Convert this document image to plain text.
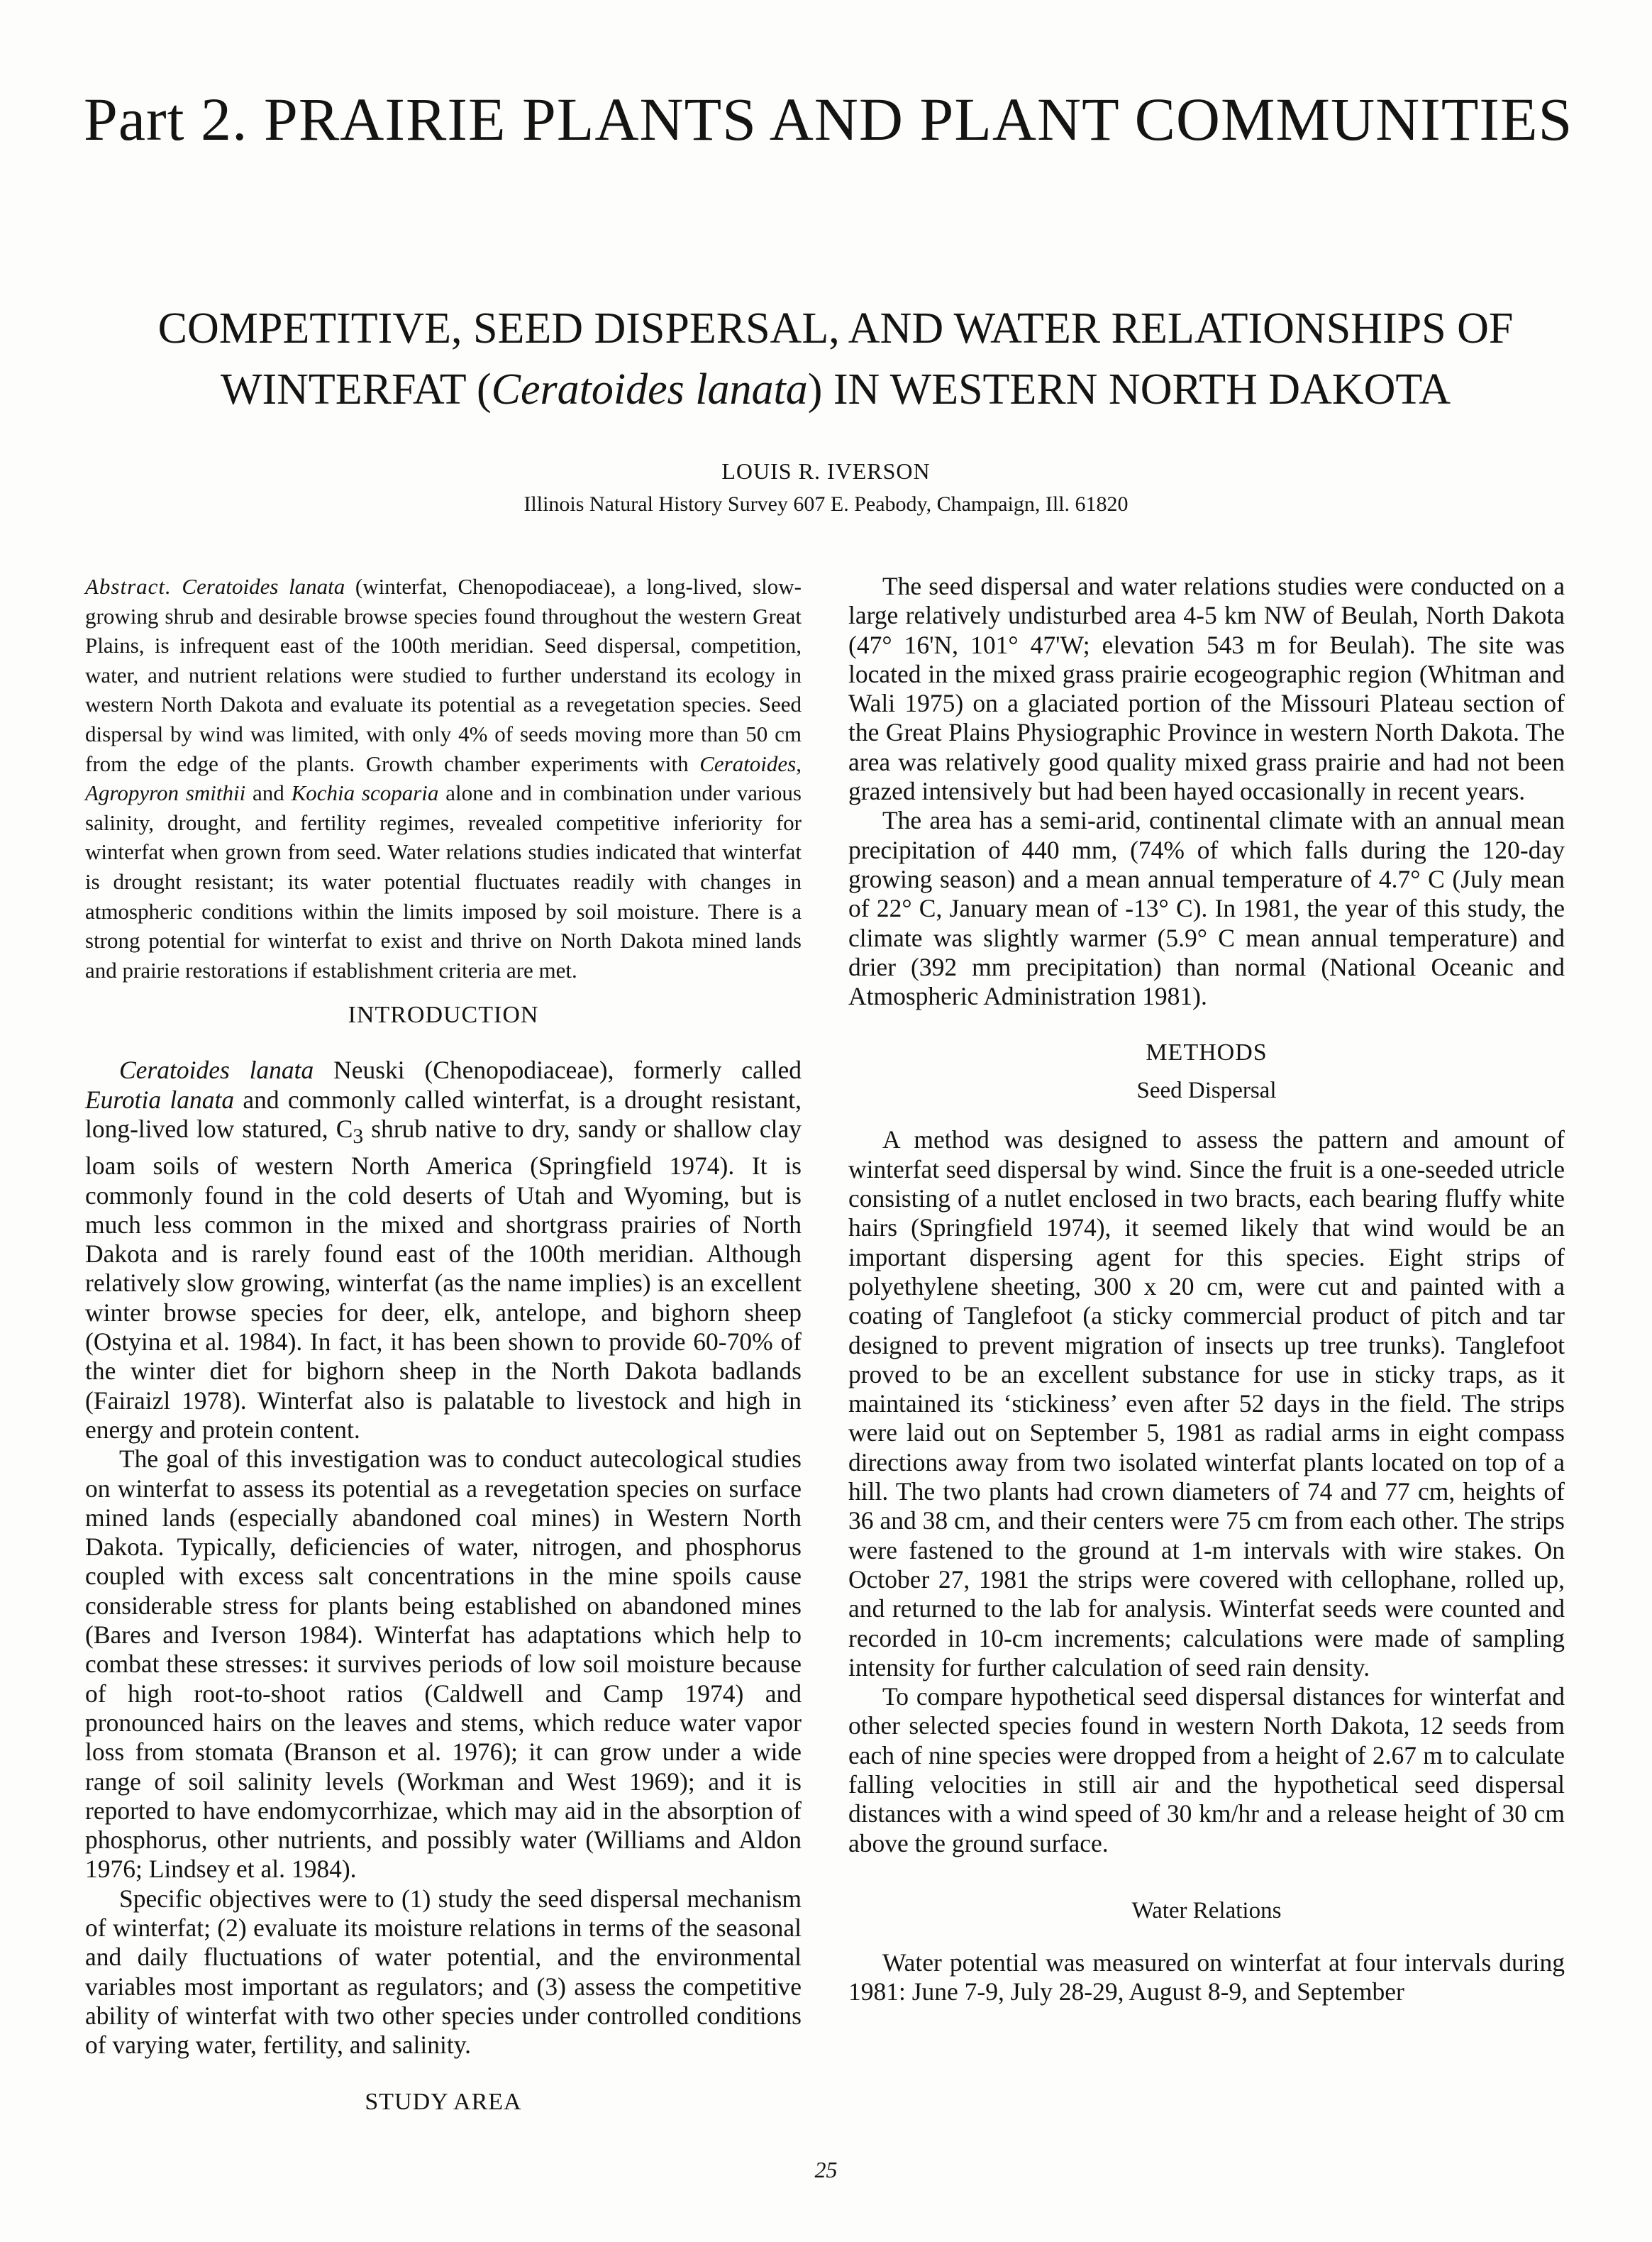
Part 2. PRAIRIE PLANTS AND PLANT COMMUNITIES
COMPETITIVE, SEED DISPERSAL, AND WATER RELATIONSHIPS OF
WINTERFAT (Ceratoides lanata) IN WESTERN NORTH DAKOTA
LOUIS R. IVERSON
Illinois Natural History Survey 607 E. Peabody, Champaign, Ill. 61820

Abstract. Ceratoides lanata (winterfat, Chenopodiaceae), a long-lived, slow-growing shrub and desirable browse species found throughout the western Great Plains, is infrequent east of the 100th meridian. Seed dispersal, competition, water, and nutrient relations were studied to further understand its ecology in western North Dakota and evaluate its potential as a revegetation species. Seed dispersal by wind was limited, with only 4% of seeds moving more than 50 cm from the edge of the plants. Growth chamber experiments with Ceratoides, Agropyron smithii and Kochia scoparia alone and in combination under various salinity, drought, and fertility regimes, revealed competitive inferiority for winterfat when grown from seed. Water relations studies indicated that winterfat is drought resistant; its water potential fluctuates readily with changes in atmospheric conditions within the limits imposed by soil moisture. There is a strong potential for winterfat to exist and thrive on North Dakota mined lands and prairie restorations if establishment criteria are met.

INTRODUCTION

Ceratoides lanata Neuski (Chenopodiaceae), formerly called Eurotia lanata and commonly called winterfat, is a drought resistant, long-lived low statured, $C_3$ shrub native to dry, sandy or shallow clay loam soils of western North America (Springfield 1974). It is commonly found in the cold deserts of Utah and Wyoming, but is much less common in the mixed and shortgrass prairies of North Dakota and is rarely found east of the 100th meridian. Although relatively slow growing, winterfat (as the name implies) is an excellent winter browse species for deer, elk, antelope, and bighorn sheep (Ostyina et al. 1984). In fact, it has been shown to provide 60-70% of the winter diet for bighorn sheep in the North Dakota badlands (Fairaizl 1978). Winterfat also is palatable to livestock and high in energy and protein content.

The goal of this investigation was to conduct autecological studies on winterfat to assess its potential as a revegetation species on surface mined lands (especially abandoned coal mines) in Western North Dakota. Typically, deficiencies of water, nitrogen, and phosphorus coupled with excess salt concentrations in the mine spoils cause considerable stress for plants being established on abandoned mines (Bares and Iverson 1984). Winterfat has adaptations which help to combat these stresses: it survives periods of low soil moisture because of high root-to-shoot ratios (Caldwell and Camp 1974) and pronounced hairs on the leaves and stems, which reduce water vapor loss from stomata (Branson et al. 1976); it can grow under a wide range of soil salinity levels (Workman and West 1969); and it is reported to have endomycorrhizae, which may aid in the absorption of phosphorus, other nutrients, and possibly water (Williams and Aldon 1976; Lindsey et al. 1984).

Specific objectives were to (1) study the seed dispersal mechanism of winterfat; (2) evaluate its moisture relations in terms of the seasonal and daily fluctuations of water potential, and the environmental variables most important as regulators; and (3) assess the competitive ability of winterfat with two other species under controlled conditions of varying water, fertility, and salinity.

STUDY AREA

The seed dispersal and water relations studies were conducted on a large relatively undisturbed area 4-5 km NW of Beulah, North Dakota (47° 16'N, 101° 47'W; elevation 543 m for Beulah). The site was located in the mixed grass prairie ecogeographic region (Whitman and Wali 1975) on a glaciated portion of the Missouri Plateau section of the Great Plains Physiographic Province in western North Dakota. The area was relatively good quality mixed grass prairie and had not been grazed intensively but had been hayed occasionally in recent years.

The area has a semi-arid, continental climate with an annual mean precipitation of 440 mm, (74% of which falls during the 120-day growing season) and a mean annual temperature of 4.7° C (July mean of 22° C, January mean of -13° C). In 1981, the year of this study, the climate was slightly warmer (5.9° C mean annual temperature) and drier (392 mm precipitation) than normal (National Oceanic and Atmospheric Administration 1981).

METHODS
Seed Dispersal

A method was designed to assess the pattern and amount of winterfat seed dispersal by wind. Since the fruit is a one-seeded utricle consisting of a nutlet enclosed in two bracts, each bearing fluffy white hairs (Springfield 1974), it seemed likely that wind would be an important dispersing agent for this species. Eight strips of polyethylene sheeting, 300 x 20 cm, were cut and painted with a coating of Tanglefoot (a sticky commercial product of pitch and tar designed to prevent migration of insects up tree trunks). Tanglefoot proved to be an excellent substance for use in sticky traps, as it maintained its ‘stickiness’ even after 52 days in the field. The strips were laid out on September 5, 1981 as radial arms in eight compass directions away from two isolated winterfat plants located on top of a hill. The two plants had crown diameters of 74 and 77 cm, heights of 36 and 38 cm, and their centers were 75 cm from each other. The strips were fastened to the ground at 1-m intervals with wire stakes. On October 27, 1981 the strips were covered with cellophane, rolled up, and returned to the lab for analysis. Winterfat seeds were counted and recorded in 10-cm increments; calculations were made of sampling intensity for further calculation of seed rain density.

To compare hypothetical seed dispersal distances for winterfat and other selected species found in western North Dakota, 12 seeds from each of nine species were dropped from a height of 2.67 m to calculate falling velocities in still air and the hypothetical seed dispersal distances with a wind speed of 30 km/hr and a release height of 30 cm above the ground surface.

Water Relations

Water potential was measured on winterfat at four intervals during 1981: June 7-9, July 28-29, August 8-9, and September

25
